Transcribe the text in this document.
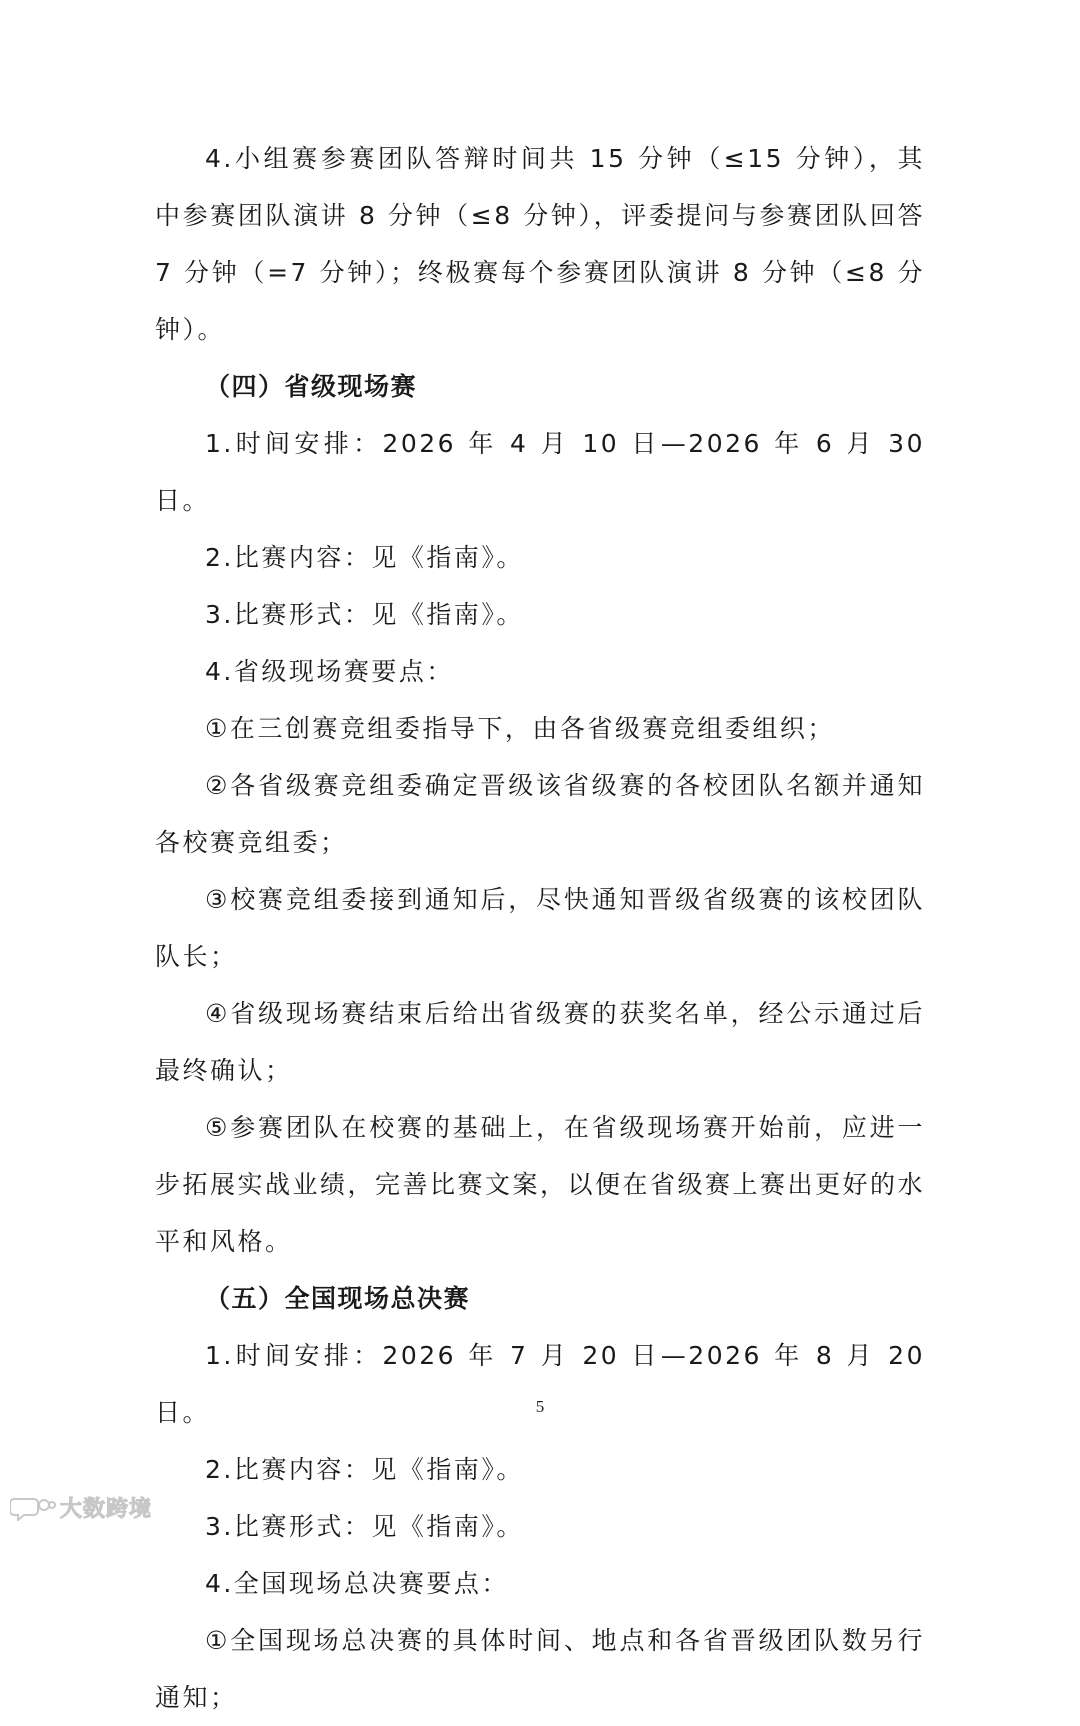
4.小组赛参赛团队答辩时间共 15 分钟（≤15 分钟），其中参赛团队演讲 8 分钟（≤8 分钟），评委提问与参赛团队回答 7 分钟（=7 分钟）；终极赛每个参赛团队演讲 8 分钟（≤8 分钟）。

（四）省级现场赛

1.时间安排：2026 年 4 月 10 日—2026 年 6 月 30 日。

2.比赛内容：见《指南》。

3.比赛形式：见《指南》。

4.省级现场赛要点：

①在三创赛竞组委指导下，由各省级赛竞组委组织；

②各省级赛竞组委确定晋级该省级赛的各校团队名额并通知各校赛竞组委；

③校赛竞组委接到通知后，尽快通知晋级省级赛的该校团队队长；

④省级现场赛结束后给出省级赛的获奖名单，经公示通过后最终确认；

⑤参赛团队在校赛的基础上，在省级现场赛开始前，应进一步拓展实战业绩，完善比赛文案，以便在省级赛上赛出更好的水平和风格。

（五）全国现场总决赛

1.时间安排：2026 年 7 月 20 日—2026 年 8 月 20 日。

2.比赛内容：见《指南》。

3.比赛形式：见《指南》。

4.全国现场总决赛要点：

①全国现场总决赛的具体时间、地点和各省晋级团队数另行通知；

5
大数跨境
